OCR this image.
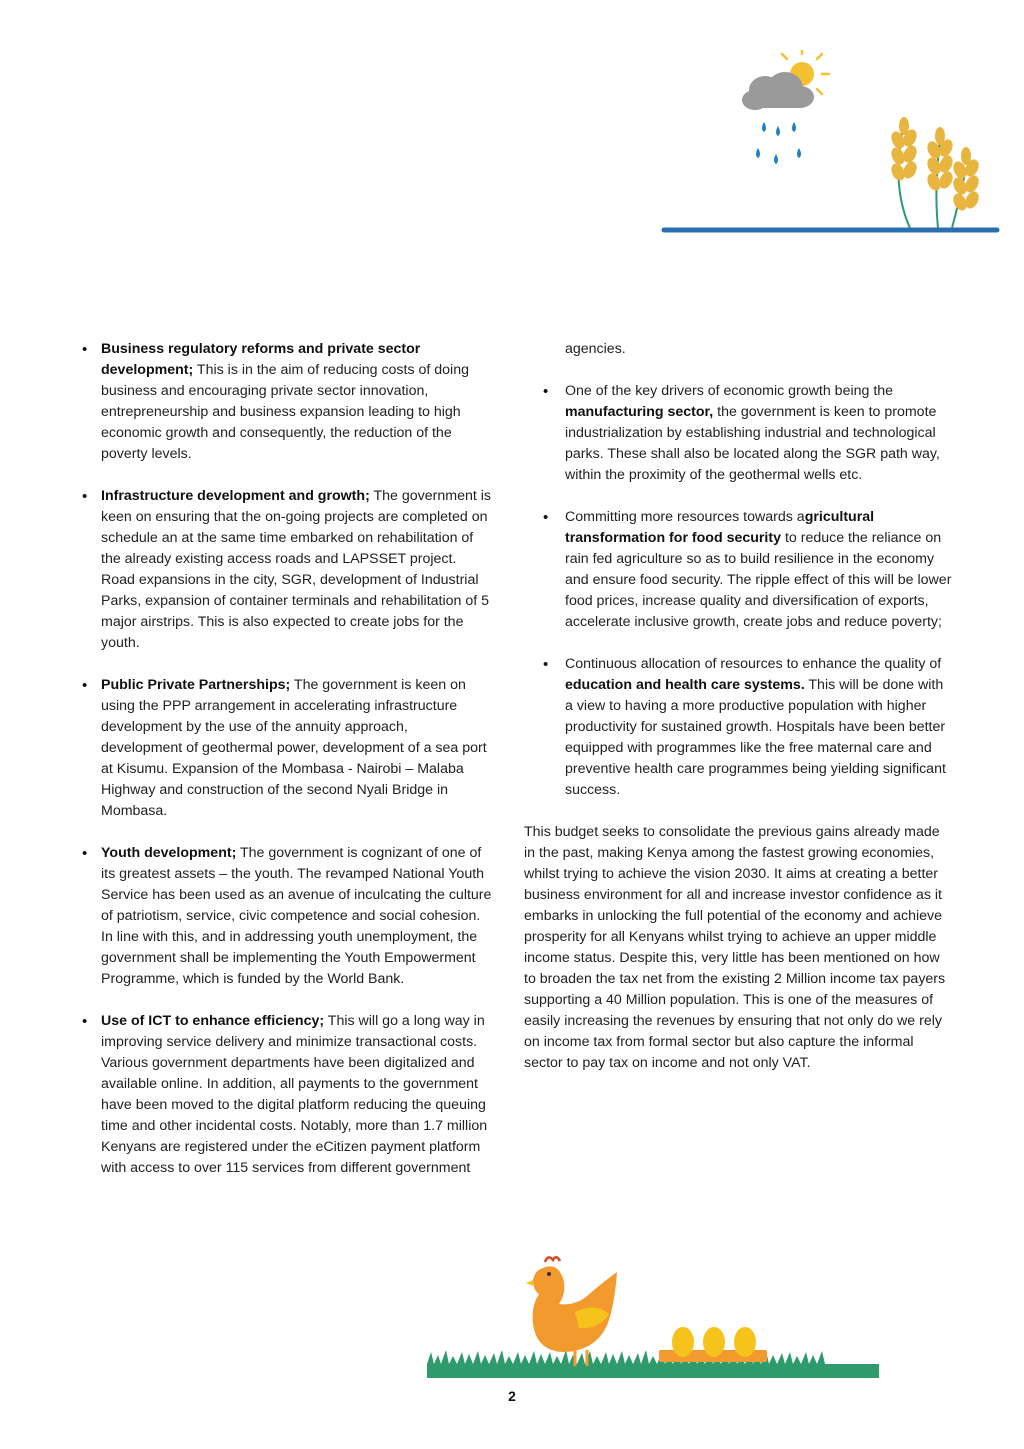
• Business regulatory reforms and private sector development; This is in the aim of reducing costs of doing business and encouraging private sector innovation, entrepreneurship and business expansion leading to high economic growth and consequently, the reduction of the poverty levels.
• Infrastructure development and growth; The government is keen on ensuring that the on-going projects are completed on schedule an at the same time embarked on rehabilitation of the already existing access roads and LAPSSET project. Road expansions in the city, SGR, development of Industrial Parks, expansion of container terminals and rehabilitation of 5 major airstrips. This is also expected to create jobs for the youth.
• Public Private Partnerships; The government is keen on using the PPP arrangement in accelerating infrastructure development by the use of the annuity approach, development of geothermal power, development of a sea port at Kisumu. Expansion of the Mombasa - Nairobi – Malaba Highway and construction of the second Nyali Bridge in Mombasa.
• Youth development; The government is cognizant of one of its greatest assets – the youth. The revamped National Youth Service has been used as an avenue of inculcating the culture of patriotism, service, civic competence and social cohesion. In line with this, and in addressing youth unemployment, the government shall be implementing the Youth Empowerment Programme, which is funded by the World Bank.
• Use of ICT to enhance efficiency; This will go a long way in improving service delivery and minimize transactional costs. Various government departments have been digitalized and available online. In addition, all payments to the government have been moved to the digital platform reducing the queuing time and other incidental costs. Notably, more than 1.7 million Kenyans are registered under the eCitizen payment platform with access to over 115 services from different government
agencies.
• One of the key drivers of economic growth being the manufacturing sector, the government is keen to promote industrialization by establishing industrial and technological parks. These shall also be located along the SGR path way, within the proximity of the geothermal wells etc.
• Committing more resources towards agricultural transformation for food security to reduce the reliance on rain fed agriculture so as to build resilience in the economy and ensure food security. The ripple effect of this will be lower food prices, increase quality and diversification of exports, accelerate inclusive growth, create jobs and reduce poverty;
• Continuous allocation of resources to enhance the quality of education and health care systems. This will be done with a view to having a more productive population with higher productivity for sustained growth. Hospitals have been better equipped with programmes like the free maternal care and preventive health care programmes being yielding significant success.
This budget seeks to consolidate the previous gains already made in the past, making Kenya among the fastest growing economies, whilst trying to achieve the vision 2030. It aims at creating a better business environment for all and increase investor confidence as it embarks in unlocking the full potential of the economy and achieve prosperity for all Kenyans whilst trying to achieve an upper middle income status. Despite this, very little has been mentioned on how to broaden the tax net from the existing 2 Million income tax payers supporting a 40 Million population. This is one of the measures of easily increasing the revenues by ensuring that not only do we rely on income tax from formal sector but also capture the informal sector to pay tax on income and not only VAT.
2
